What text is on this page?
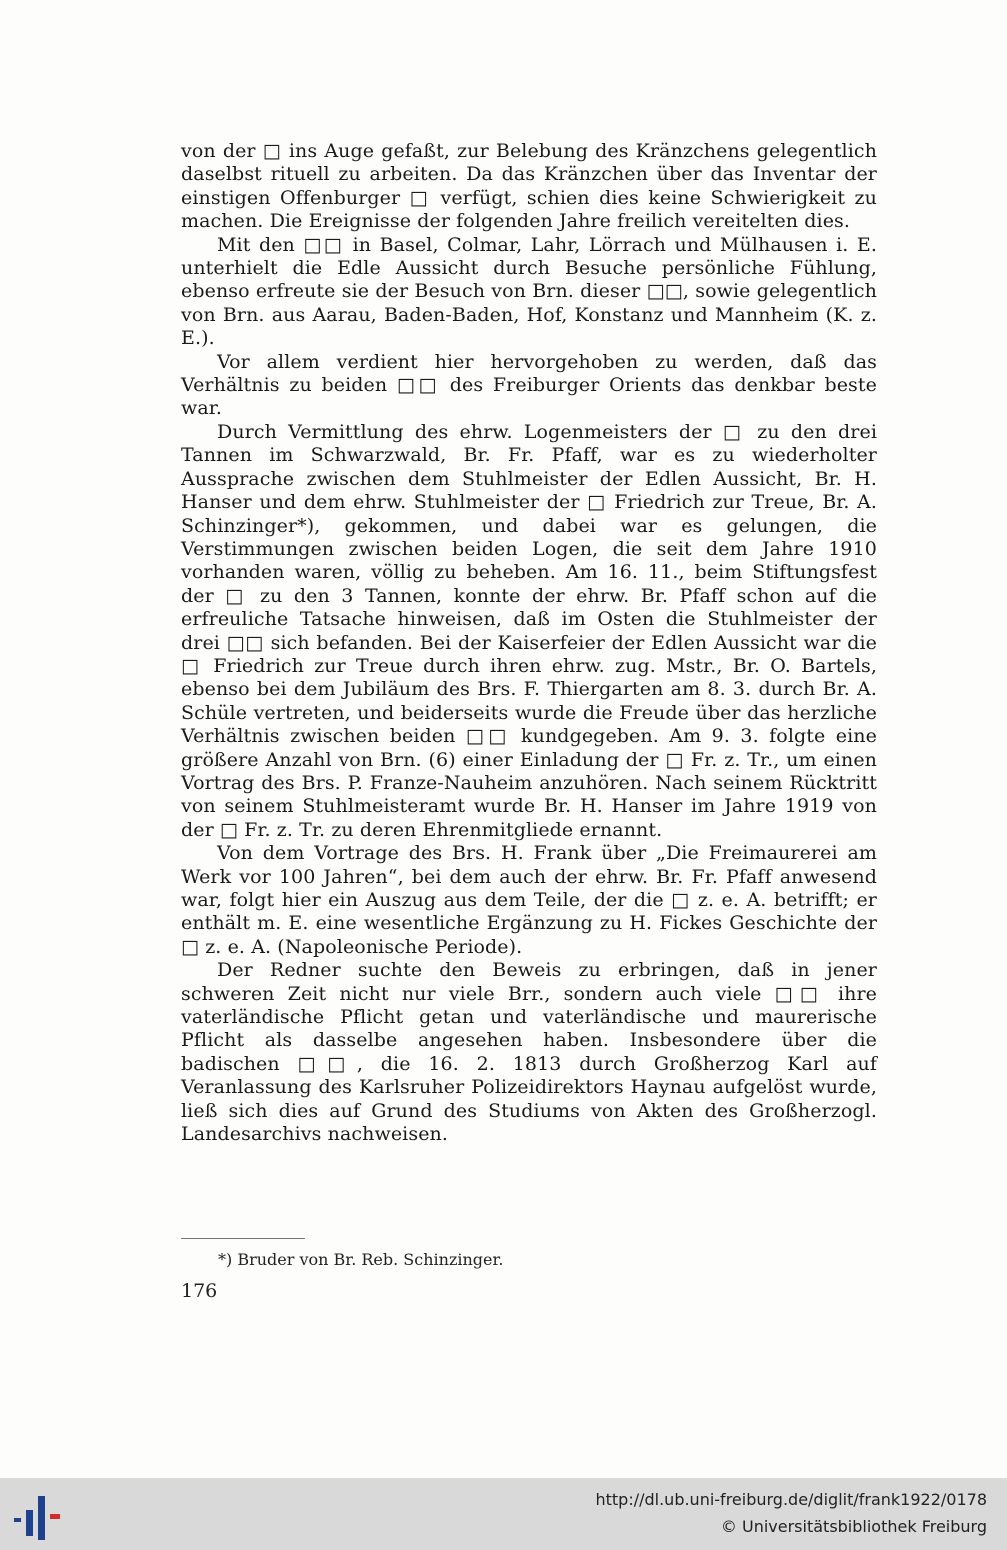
von der □ ins Auge gefaßt, zur Belebung des Kränzchens gelegentlich daselbst rituell zu arbeiten. Da das Kränzchen über das Inventar der einstigen Offenburger □ verfügt, schien dies keine Schwierigkeit zu machen. Die Ereignisse der folgenden Jahre freilich vereitelten dies.

Mit den □□ in Basel, Colmar, Lahr, Lörrach und Mülhausen i. E. unterhielt die Edle Aussicht durch Besuche persönliche Fühlung, ebenso erfreute sie der Besuch von Brn. dieser □□, sowie gelegentlich von Brn. aus Aarau, Baden-Baden, Hof, Konstanz und Mannheim (K. z. E.).

Vor allem verdient hier hervorgehoben zu werden, daß das Verhältnis zu beiden □□ des Freiburger Orients das denkbar beste war.

Durch Vermittlung des ehrw. Logenmeisters der □ zu den drei Tannen im Schwarzwald, Br. Fr. Pfaff, war es zu wiederholter Aussprache zwischen dem Stuhlmeister der Edlen Aussicht, Br. H. Hanser und dem ehrw. Stuhlmeister der □ Friedrich zur Treue, Br. A. Schinzinger*), gekommen, und dabei war es gelungen, die Verstimmungen zwischen beiden Logen, die seit dem Jahre 1910 vorhanden waren, völlig zu beheben. Am 16. 11., beim Stiftungsfest der □ zu den 3 Tannen, konnte der ehrw. Br. Pfaff schon auf die erfreuliche Tatsache hinweisen, daß im Osten die Stuhlmeister der drei □□ sich befanden. Bei der Kaiserfeier der Edlen Aussicht war die □ Friedrich zur Treue durch ihren ehrw. zug. Mstr., Br. O. Bartels, ebenso bei dem Jubiläum des Brs. F. Thiergarten am 8. 3. durch Br. A. Schüle vertreten, und beiderseits wurde die Freude über das herzliche Verhältnis zwischen beiden □□ kundgegeben. Am 9. 3. folgte eine größere Anzahl von Brn. (6) einer Einladung der □ Fr. z. Tr., um einen Vortrag des Brs. P. Franze-Nauheim anzuhören. Nach seinem Rücktritt von seinem Stuhlmeisteramt wurde Br. H. Hanser im Jahre 1919 von der □ Fr. z. Tr. zu deren Ehrenmitgliede ernannt.

Von dem Vortrage des Brs. H. Frank über „Die Freimaurerei am Werk vor 100 Jahren“, bei dem auch der ehrw. Br. Fr. Pfaff anwesend war, folgt hier ein Auszug aus dem Teile, der die □ z. e. A. betrifft; er enthält m. E. eine wesentliche Ergänzung zu H. Fickes Geschichte der □ z. e. A. (Napoleonische Periode).

Der Redner suchte den Beweis zu erbringen, daß in jener schweren Zeit nicht nur viele Brr., sondern auch viele □□ ihre vaterländische Pflicht getan und vaterländische und maurerische Pflicht als dasselbe angesehen haben. Insbesondere über die badischen □□, die 16. 2. 1813 durch Großherzog Karl auf Veranlassung des Karlsruher Polizeidirektors Haynau aufgelöst wurde, ließ sich dies auf Grund des Studiums von Akten des Großherzogl. Landesarchivs nachweisen.

*) Bruder von Br. Reb. Schinzinger.
176
http://dl.ub.uni-freiburg.de/diglit/frank1922/0178
© Universitätsbibliothek Freiburg
